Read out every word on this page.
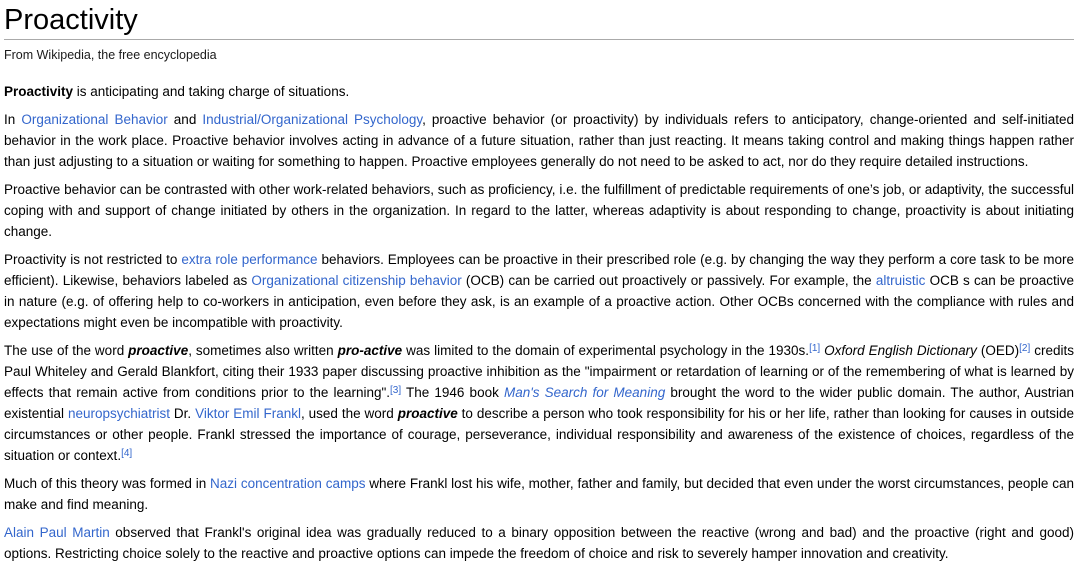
Proactivity
From Wikipedia, the free encyclopedia

Proactivity is anticipating and taking charge of situations.

In Organizational Behavior and Industrial/Organizational Psychology, proactive behavior (or proactivity) by individuals refers to anticipatory, change-oriented and self-initiated behavior in the work place. Proactive behavior involves acting in advance of a future situation, rather than just reacting. It means taking control and making things happen rather than just adjusting to a situation or waiting for something to happen. Proactive employees generally do not need to be asked to act, nor do they require detailed instructions.

Proactive behavior can be contrasted with other work-related behaviors, such as proficiency, i.e. the fulfillment of predictable requirements of one’s job, or adaptivity, the successful coping with and support of change initiated by others in the organization. In regard to the latter, whereas adaptivity is about responding to change, proactivity is about initiating change.

Proactivity is not restricted to extra role performance behaviors. Employees can be proactive in their prescribed role (e.g. by changing the way they perform a core task to be more efficient). Likewise, behaviors labeled as Organizational citizenship behavior (OCB) can be carried out proactively or passively. For example, the altruistic OCB s can be proactive in nature (e.g. of offering help to co-workers in anticipation, even before they ask, is an example of a proactive action. Other OCBs concerned with the compliance with rules and expectations might even be incompatible with proactivity.

The use of the word proactive, sometimes also written pro-active was limited to the domain of experimental psychology in the 1930s.[1] Oxford English Dictionary (OED)[2] credits Paul Whiteley and Gerald Blankfort, citing their 1933 paper discussing proactive inhibition as the "impairment or retardation of learning or of the remembering of what is learned by effects that remain active from conditions prior to the learning".[3] The 1946 book Man's Search for Meaning brought the word to the wider public domain. The author, Austrian existential neuropsychiatrist Dr. Viktor Emil Frankl, used the word proactive to describe a person who took responsibility for his or her life, rather than looking for causes in outside circumstances or other people. Frankl stressed the importance of courage, perseverance, individual responsibility and awareness of the existence of choices, regardless of the situation or context.[4]

Much of this theory was formed in Nazi concentration camps where Frankl lost his wife, mother, father and family, but decided that even under the worst circumstances, people can make and find meaning.

Alain Paul Martin observed that Frankl's original idea was gradually reduced to a binary opposition between the reactive (wrong and bad) and the proactive (right and good) options. Restricting choice solely to the reactive and proactive options can impede the freedom of choice and risk to severely hamper innovation and creativity.
